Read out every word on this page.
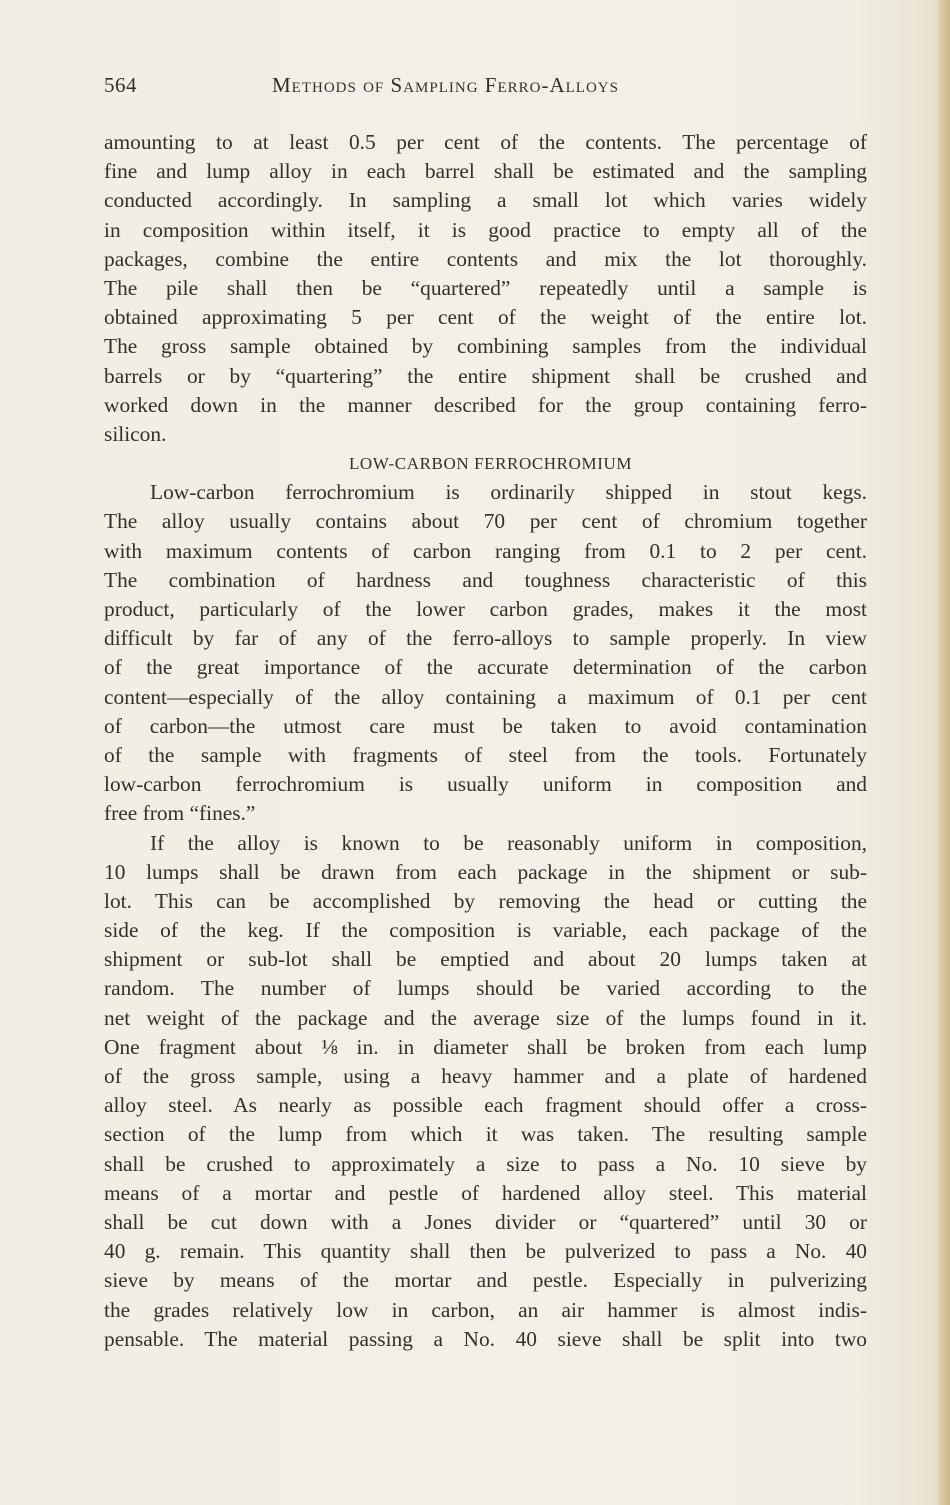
564	Methods of Sampling Ferro-Alloys
amounting to at least 0.5 per cent of the contents. The percentage of
fine and lump alloy in each barrel shall be estimated and the sampling
conducted accordingly. In sampling a small lot which varies widely
in composition within itself, it is good practice to empty all of the
packages, combine the entire contents and mix the lot thoroughly.
The pile shall then be “quartered” repeatedly until a sample is
obtained approximating 5 per cent of the weight of the entire lot.
The gross sample obtained by combining samples from the individual
barrels or by “quartering” the entire shipment shall be crushed and
worked down in the manner described for the group containing ferro-
silicon.
LOW-CARBON FERROCHROMIUM
Low-carbon ferrochromium is ordinarily shipped in stout kegs.
The alloy usually contains about 70 per cent of chromium together
with maximum contents of carbon ranging from 0.1 to 2 per cent.
The combination of hardness and toughness characteristic of this
product, particularly of the lower carbon grades, makes it the most
difficult by far of any of the ferro-alloys to sample properly. In view
of the great importance of the accurate determination of the carbon
content—especially of the alloy containing a maximum of 0.1 per cent
of carbon—the utmost care must be taken to avoid contamination
of the sample with fragments of steel from the tools. Fortunately
low-carbon ferrochromium is usually uniform in composition and
free from “fines.”
If the alloy is known to be reasonably uniform in composition,
10 lumps shall be drawn from each package in the shipment or sub-
lot. This can be accomplished by removing the head or cutting the
side of the keg. If the composition is variable, each package of the
shipment or sub-lot shall be emptied and about 20 lumps taken at
random. The number of lumps should be varied according to the
net weight of the package and the average size of the lumps found in it.
One fragment about ⅛ in. in diameter shall be broken from each lump
of the gross sample, using a heavy hammer and a plate of hardened
alloy steel. As nearly as possible each fragment should offer a cross-
section of the lump from which it was taken. The resulting sample
shall be crushed to approximately a size to pass a No. 10 sieve by
means of a mortar and pestle of hardened alloy steel. This material
shall be cut down with a Jones divider or “quartered” until 30 or
40 g. remain. This quantity shall then be pulverized to pass a No. 40
sieve by means of the mortar and pestle. Especially in pulverizing
the grades relatively low in carbon, an air hammer is almost indis-
pensable. The material passing a No. 40 sieve shall be split into two
